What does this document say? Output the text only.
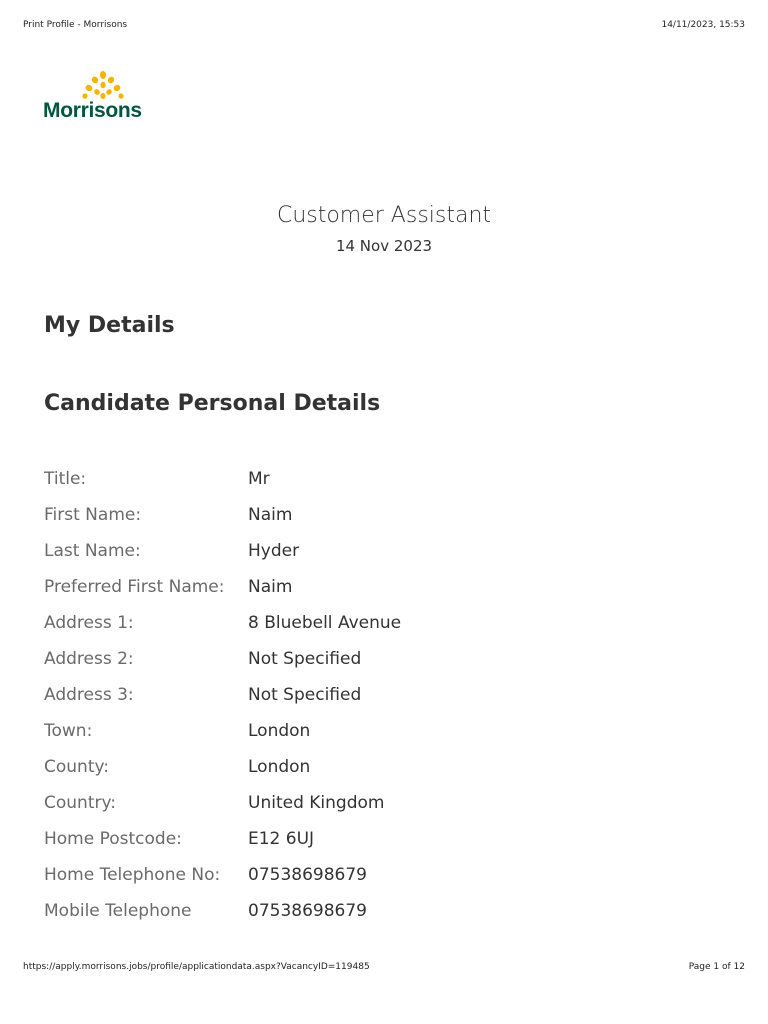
Print Profile - Morrisons	14/11/2023, 15:53
Morrisons
Customer Assistant
14 Nov 2023
My Details
Candidate Personal Details
Title:	Mr
First Name:	Naim
Last Name:	Hyder
Preferred First Name:	Naim
Address 1:	8 Bluebell Avenue
Address 2:	Not Specified
Address 3:	Not Specified
Town:	London
County:	London
Country:	United Kingdom
Home Postcode:	E12 6UJ
Home Telephone No:	07538698679
Mobile Telephone	07538698679
https://apply.morrisons.jobs/profile/applicationdata.aspx?VacancyID=119485	Page 1 of 12
